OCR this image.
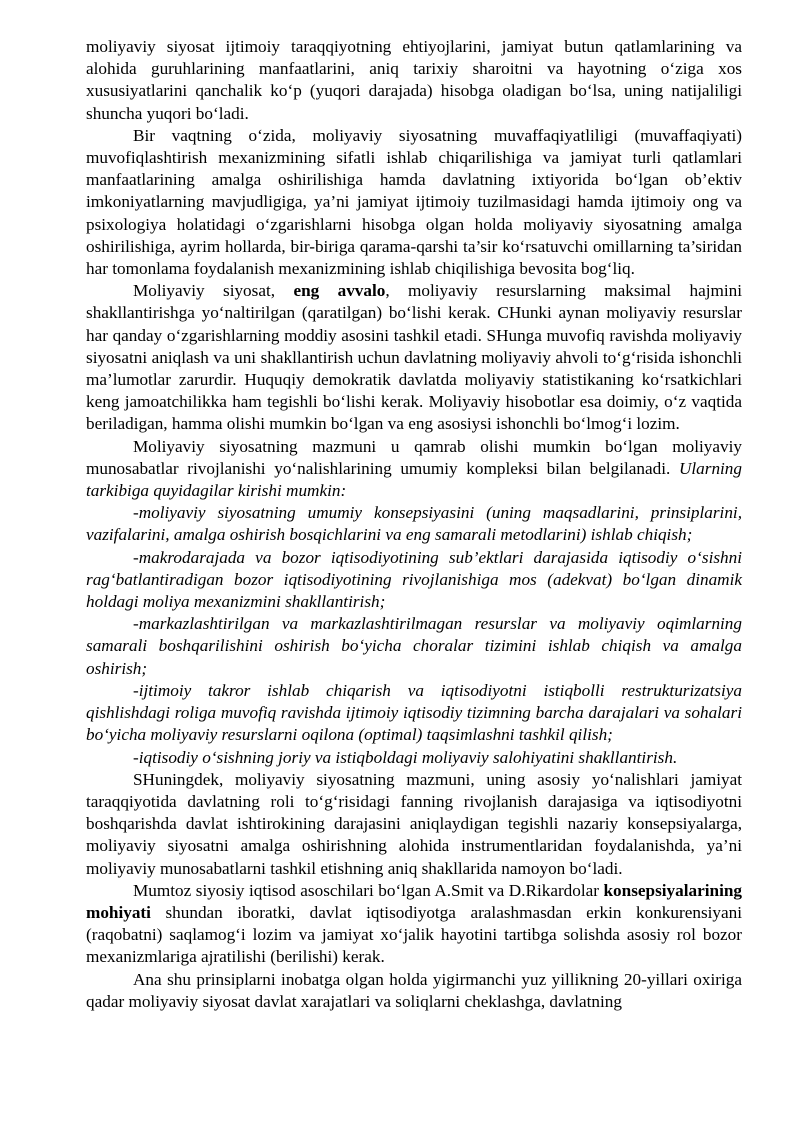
moliyaviy siyosat ijtimoiy taraqqiyotning ehtiyojlarini, jamiyat butun qatlamlarining va alohida guruhlarining manfaatlarini, aniq tarixiy sharoitni va hayotning o‘ziga xos xususiyatlarini qanchalik ko‘p (yuqori darajada) hisobga oladigan bo‘lsa, uning natijaliligi shuncha yuqori bo‘ladi.

Bir vaqtning o‘zida, moliyaviy siyosatning muvaffaqiyatliligi (muvaffaqiyati) muvofiqlashtirish mexanizmining sifatli ishlab chiqarilishiga va jamiyat turli qatlamlari manfaatlarining amalga oshirilishiga hamda davlatning ixtiyorida bo‘lgan ob’ektiv imkoniyatlarning mavjudligiga, ya’ni jamiyat ijtimoiy tuzilmasidagi hamda ijtimoiy ong va psixologiya holatidagi o‘zgarishlarni hisobga olgan holda moliyaviy siyosatning amalga oshirilishiga, ayrim hollarda, bir-biriga qarama-qarshi ta’sir ko‘rsatuvchi omillarning ta’siridan har tomonlama foydalanish mexanizmining ishlab chiqilishiga bevosita bog‘liq.

Moliyaviy siyosat, eng avvalo, moliyaviy resurslarning maksimal hajmini shakllantirishga yo‘naltirilgan (qaratilgan) bo‘lishi kerak. CHunki aynan moliyaviy resurslar har qanday o‘zgarishlarning moddiy asosini tashkil etadi. SHunga muvofiq ravishda moliyaviy siyosatni aniqlash va uni shakllantirish uchun davlatning moliyaviy ahvoli to‘g‘risida ishonchli ma’lumotlar zarurdir. Huquqiy demokratik davlatda moliyaviy statistikaning ko‘rsatkichlari keng jamoatchilikka ham tegishli bo‘lishi kerak. Moliyaviy hisobotlar esa doimiy, o‘z vaqtida beriladigan, hamma olishi mumkin bo‘lgan va eng asosiysi ishonchli bo‘lmog‘i lozim.

Moliyaviy siyosatning mazmuni u qamrab olishi mumkin bo‘lgan moliyaviy munosabatlar rivojlanishi yo‘nalishlarining umumiy kompleksi bilan belgilanadi. Ularning tarkibiga quyidagilar kirishi mumkin:

-moliyaviy siyosatning umumiy konsepsiyasini (uning maqsadlarini, prinsiplarini, vazifalarini, amalga oshirish bosqichlarini va eng samarali metodlarini) ishlab chiqish;

-makrodarajada va bozor iqtisodiyotining sub’ektlari darajasida iqtisodiy o‘sishni rag‘batlantiradigan bozor iqtisodiyotining rivojlanishiga mos (adekvat) bo‘lgan dinamik holdagi moliya mexanizmini shakllantirish;

-markazlashtirilgan va markazlashtirilmagan resurslar va moliyaviy oqimlarning samarali boshqarilishini oshirish bo‘yicha choralar tizimini ishlab chiqish va amalga oshirish;

-ijtimoiy takror ishlab chiqarish va iqtisodiyotni istiqbolli restrukturizatsiya qishlishdagi roliga muvofiq ravishda ijtimoiy iqtisodiy tizimning barcha darajalari va sohalari bo‘yicha moliyaviy resurslarni oqilona (optimal) taqsimlashni tashkil qilish;

-iqtisodiy o‘sishning joriy va istiqboldagi moliyaviy salohiyatini shakllantirish.

SHuningdek, moliyaviy siyosatning mazmuni, uning asosiy yo‘nalishlari jamiyat taraqqiyotida davlatning roli to‘g‘risidagi fanning rivojlanish darajasiga va iqtisodiyotni boshqarishda davlat ishtirokining darajasini aniqlaydigan tegishli nazariy konsepsiyalarga, moliyaviy siyosatni amalga oshirishning alohida instrumentlaridan foydalanishda, ya’ni moliyaviy munosabatlarni tashkil etishning aniq shakllarida namoyon bo‘ladi.

Mumtoz siyosiy iqtisod asoschilari bo‘lgan A.Smit va D.Rikardolar konsepsiyalarining mohiyati shundan iboratki, davlat iqtisodiyotga aralashmasdan erkin konkurensiyani (raqobatni) saqlamog‘i lozim va jamiyat xo‘jalik hayotini tartibga solishda asosiy rol bozor mexanizmlariga ajratilishi (berilishi) kerak.

Ana shu prinsiplarni inobatga olgan holda yigirmanchi yuz yillikning 20-yillari oxiriga qadar moliyaviy siyosat davlat xarajatlari va soliqlarni cheklashga, davlatning
